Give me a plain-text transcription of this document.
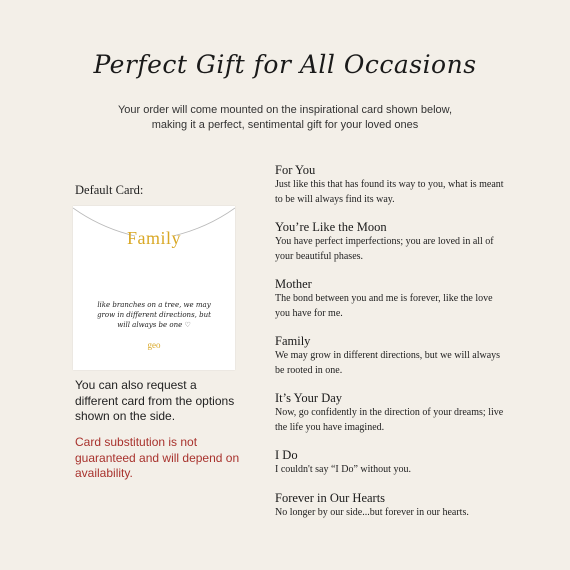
Perfect Gift for All Occasions
Your order will come mounted on the inspirational card shown below,
making it a perfect, sentimental gift for your loved ones
Default Card:
Family
like branches on a tree, we may
grow in different directions, but
will always be one ♡
geo
You can also request a different card from the options shown on the side.
Card substitution is not guaranteed and will depend on availability.
For You
Just like this that has found its way to you, what is meant to be will always find its way.
You’re Like the Moon
You have perfect imperfections; you are loved in all of your beautiful phases.
Mother
The bond between you and me is forever, like the love you have for me.
Family
We may grow in different directions, but we will always be rooted in one.
It’s Your Day
Now, go confidently in the direction of your dreams; live the life you have imagined.
I Do
I couldn't say “I Do” without you.
Forever in Our Hearts
No longer by our side...but forever in our hearts.
